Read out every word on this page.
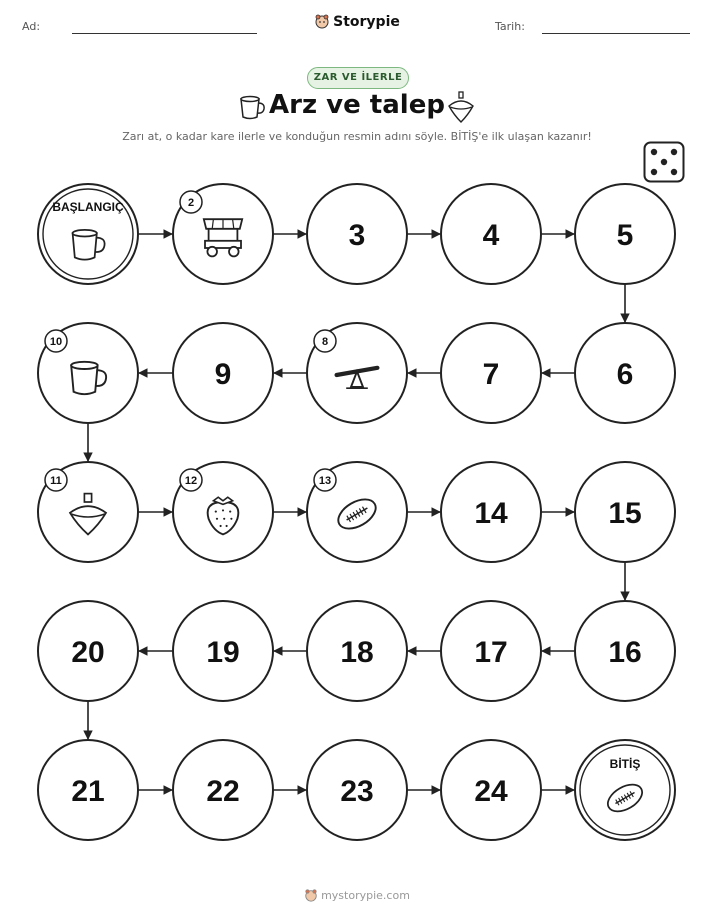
Ad:	Storypie	Tarih:
ZAR VE İLERLE
Arz ve talep
Zarı at, o kadar kare ilerle ve konduğun resmin adını söyle. BİTİŞ'e ilk ulaşan kazanır!
BAŞLANGIÇ	2
3	4	5
6
7
8
9
10
11	12	13
14	15
16
17
18
19
20
21	22	23	24
BİTİŞ
mystorypie.com
